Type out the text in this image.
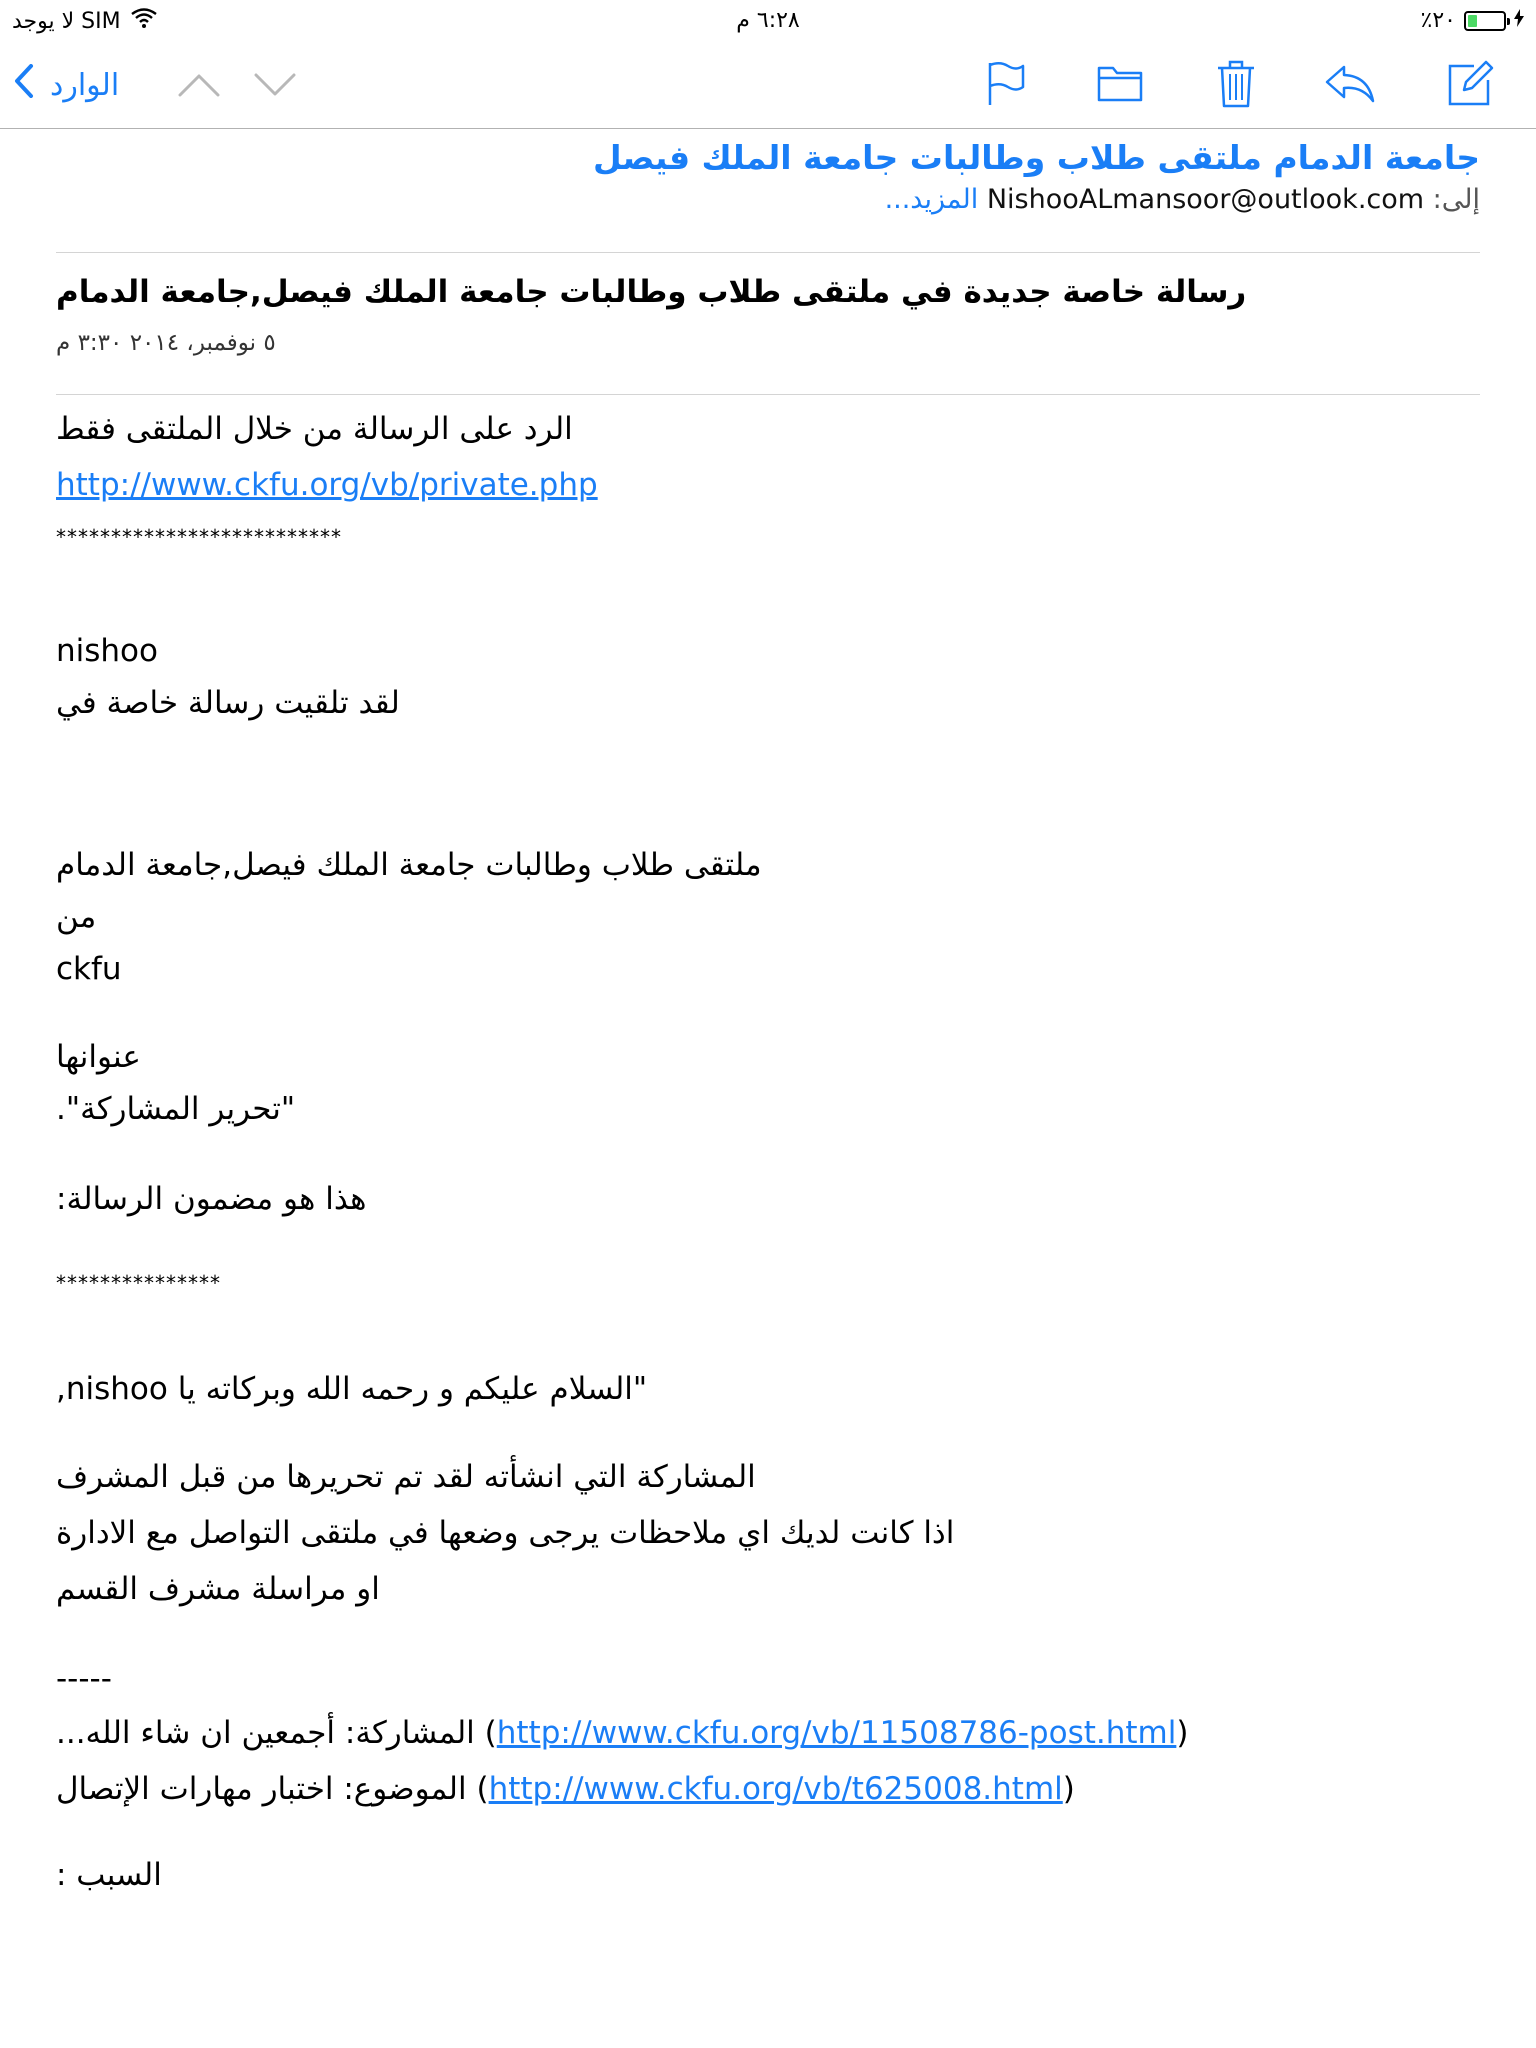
لا يوجد SIM	٦:٢٨ م	٪٢٠
الوارد
جامعة الدمام ملتقى طلاب وطالبات جامعة الملك فيصل
إلى: NishooALmansoor@outlook.com المزيد...
رسالة خاصة جديدة في ملتقى طلاب وطالبات جامعة الملك فيصل,جامعة الدمام
٥ نوفمبر، ٢٠١٤ ٣:٣٠ م
الرد على الرسالة من خلال الملتقى فقط
http://www.ckfu.org/vb/private.php
**************************
nishoo
لقد تلقيت رسالة خاصة في
ملتقى طلاب وطالبات جامعة الملك فيصل,جامعة الدمام
من
ckfu
عنوانها
"تحرير المشاركة".
هذا هو مضمون الرسالة:
***************
"السلام عليكم و رحمه الله وبركاته يا nishoo,
المشاركة التي انشأته لقد تم تحريرها من قبل المشرف
اذا كانت لديك اي ملاحظات يرجى وضعها في ملتقى التواصل مع الادارة
او مراسلة مشرف القسم
-----
المشاركة: أجمعين ان شاء الله... (http://www.ckfu.org/vb/11508786-post.html)
الموضوع: اختبار مهارات الإتصال (http://www.ckfu.org/vb/t625008.html)
السبب :
